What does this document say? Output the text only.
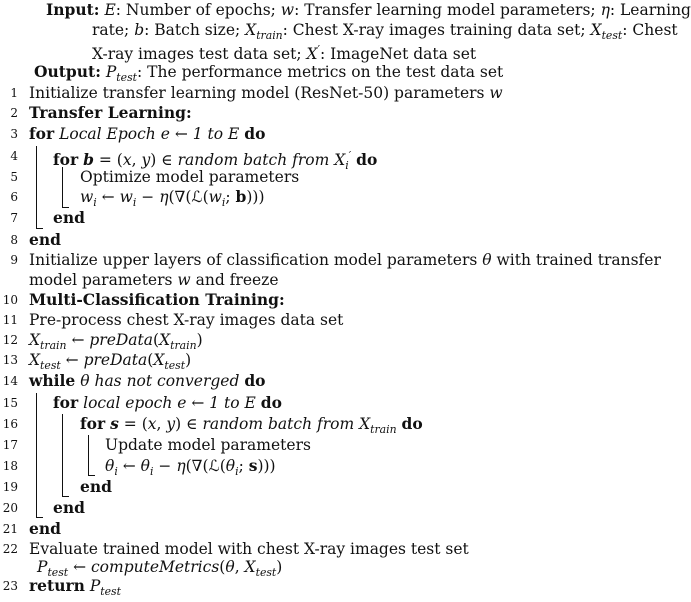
Input: E: Number of epochs; w: Transfer learning model parameters; η: Learning
rate; b: Batch size; $X_{train}$: Chest X-ray images training data set; $X_{test}$: Chest
X-ray images test data set; X′: ImageNet data set
Output: $P_{test}$: The performance metrics on the test data set
1
2
3
4
5
6
7
8
9
10
11
12
13
14
15
16
17
18
19
20
21
22
23
Initialize transfer learning model (ResNet-50) parameters w
Transfer Learning:
for Local Epoch e ← 1 to E do
for b = (x, y) ∈ random batch from $X_i'$ do
Optimize model parameters
$w_i$ ← $w_i$ − $\eta(\nabla(ℒ(w_i$; b)))
end
end
Initialize upper layers of classification model parameters θ with trained transfer
model parameters w and freeze
Multi-Classification Training:
Pre-process chest X-ray images data set
$X_{train}$ ← $preData(X_{train})$
$X_{test}$ ← $preData(X_{test})$
while θ has not converged do
for local epoch e ← 1 to E do
for s = (x, y) ∈ random batch from $X_{train}$ do
Update model parameters
$\theta_i$ ← $\theta_i$ − $\eta(\nabla(ℒ(\theta_i$; s)))
end
end
end
Evaluate trained model with chest X-ray images test set
$P_{test}$ ← computeMetrics(θ, $X_{test}$)
return $P_{test}$
